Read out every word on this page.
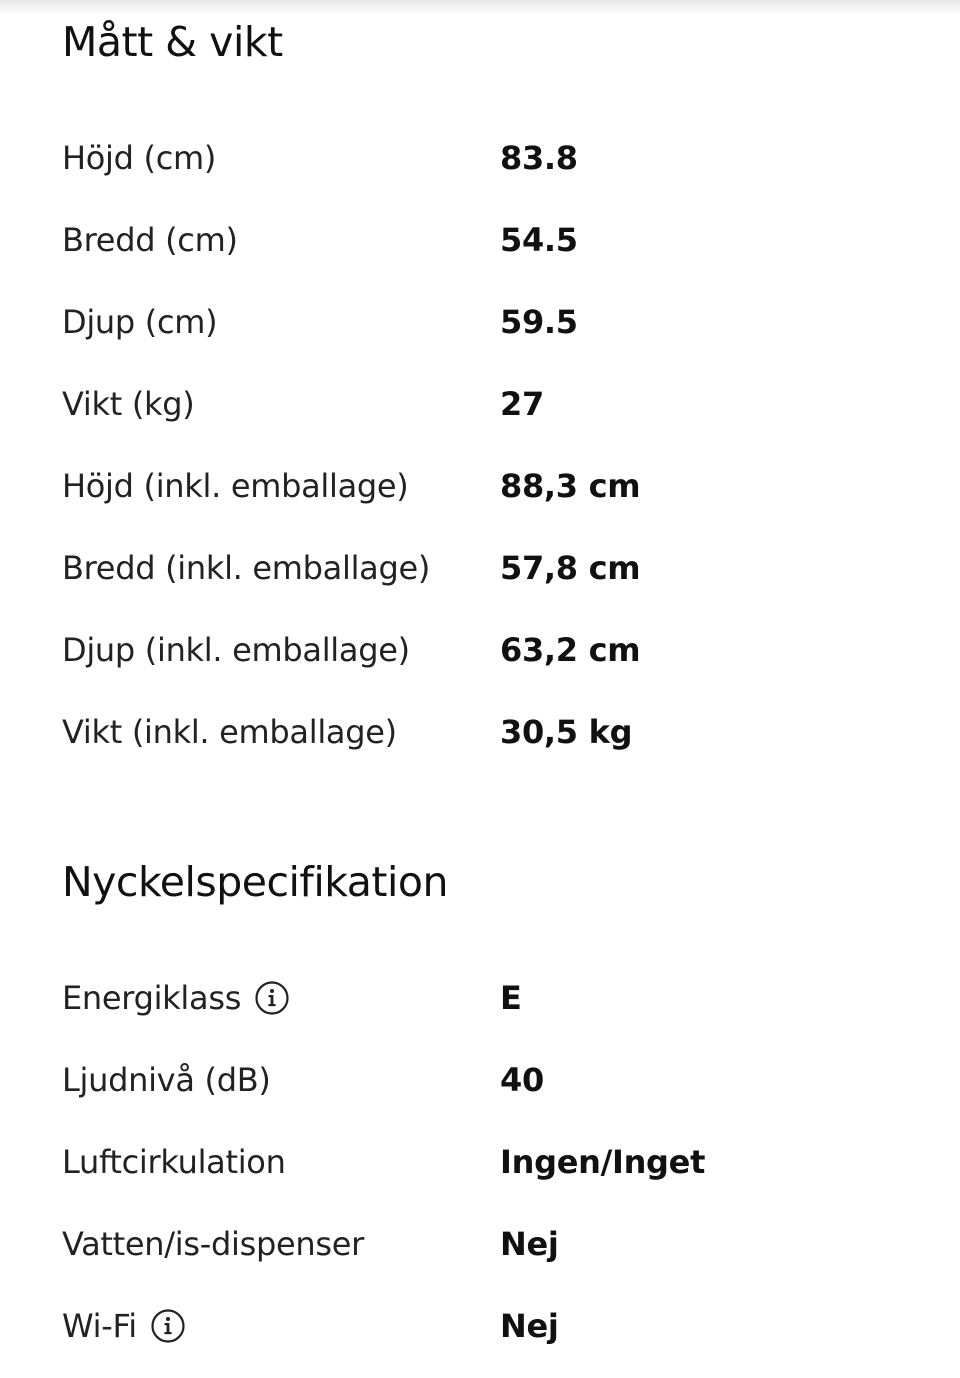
Mått & vikt
Höjd (cm)	83.8
Bredd (cm)	54.5
Djup (cm)	59.5
Vikt (kg)	27
Höjd (inkl. emballage)	88,3 cm
Bredd (inkl. emballage) 57,8 cm
Djup (inkl. emballage)	63,2 cm
Vikt (inkl. emballage)	30,5 kg
Nyckelspecifikation
Energiklass	E
Ljudnivå (dB)	40
Luftcirkulation	Ingen/Inget
Vatten/is-dispenser	Nej
Wi-Fi	Nej
